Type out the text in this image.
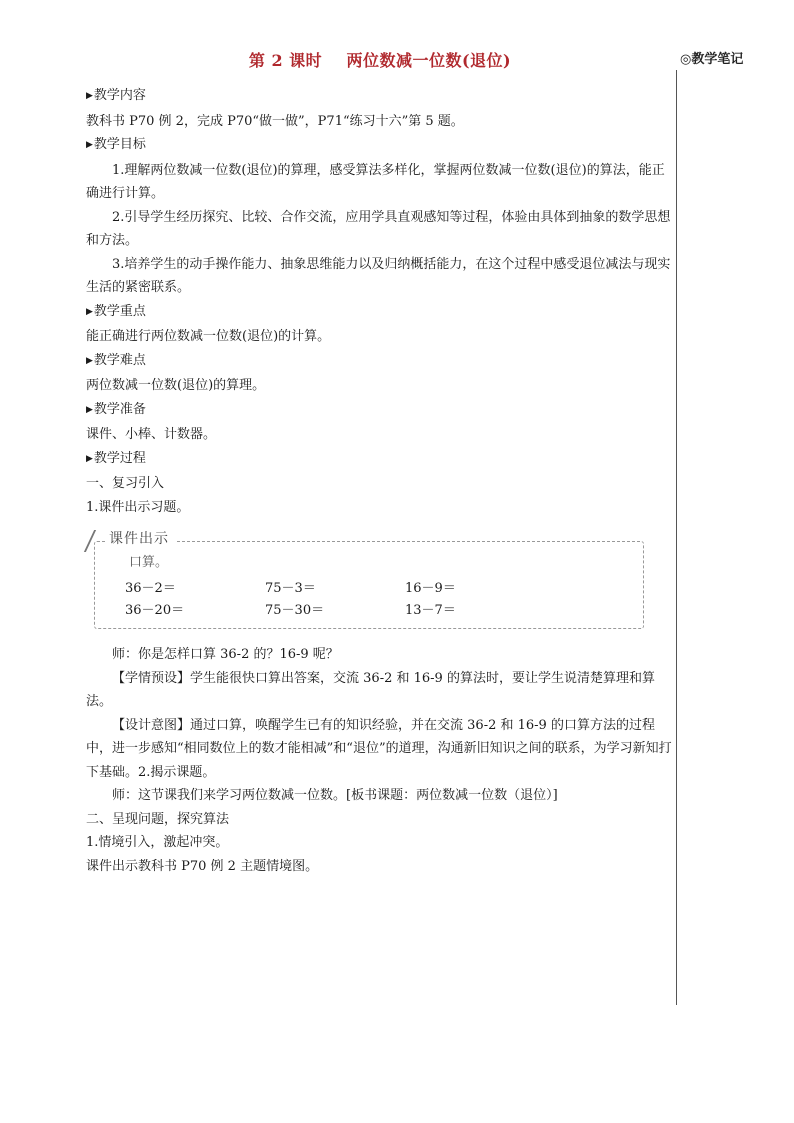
第 2 课时    两位数减一位数(退位)	◎教学笔记

▶教学内容

教科书 P70 例 2，完成 P70“做一做”，P71“练习十六”第 5 题。

▶教学目标

1.理解两位数减一位数(退位)的算理，感受算法多样化，掌握两位数减一位数(退位)的算法，能正确进行计算。

2.引导学生经历探究、比较、合作交流，应用学具直观感知等过程，体验由具体到抽象的数学思想和方法。

3.培养学生的动手操作能力、抽象思维能力以及归纳概括能力，在这个过程中感受退位减法与现实生活的紧密联系。

▶教学重点

能正确进行两位数减一位数(退位)的计算。

▶教学难点

两位数减一位数(退位)的算理。

▶教学准备

课件、小棒、计数器。

▶教学过程

一、复习引入

1.课件出示习题。

课件出示
口算。
36－2＝	75－3＝	16－9＝
36－20＝	75－30＝	13－7＝

师：你是怎样口算 36-2 的？16-9 呢？

【学情预设】学生能很快口算出答案，交流 36-2 和 16-9 的算法时，要让学生说清楚算理和算法。

【设计意图】通过口算，唤醒学生已有的知识经验，并在交流 36-2 和 16-9 的口算方法的过程中，进一步感知“相同数位上的数才能相减”和“退位”的道理，沟通新旧知识之间的联系，为学习新知打下基础。2.揭示课题。

师：这节课我们来学习两位数减一位数。[板书课题：两位数减一位数（退位）]

二、呈现问题，探究算法

1.情境引入，激起冲突。

课件出示教科书 P70 例 2 主题情境图。
